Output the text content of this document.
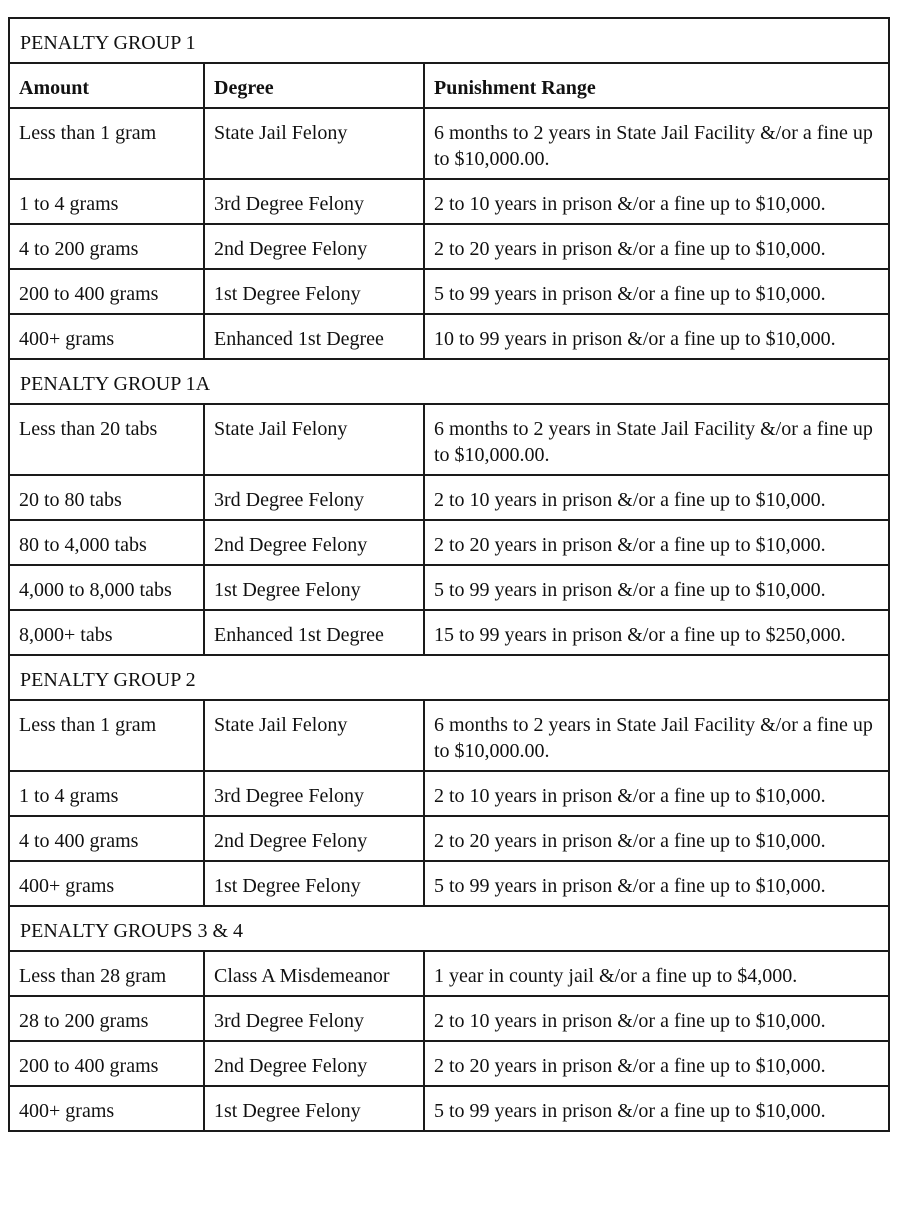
PENALTY GROUP 1		
Amount	Degree	Punishment Range
Less than 1 gram	State Jail Felony	6 months to 2 years in State Jail Facility &/or a fine up to $10,000.00.
1 to 4 grams	3rd Degree Felony	2 to 10 years in prison &/or a fine up to $10,000.
4 to 200 grams	2nd Degree Felony	2 to 20 years in prison &/or a fine up to $10,000.
200 to 400 grams	1st Degree Felony	5 to 99 years in prison &/or a fine up to $10,000.
400+ grams	Enhanced 1st Degree	10 to 99 years in prison &/or a fine up to $10,000.
PENALTY GROUP 1A		
Less than 20 tabs	State Jail Felony	6 months to 2 years in State Jail Facility &/or a fine up to $10,000.00.
20 to 80 tabs	3rd Degree Felony	2 to 10 years in prison &/or a fine up to $10,000.
80 to 4,000 tabs	2nd Degree Felony	2 to 20 years in prison &/or a fine up to $10,000.
4,000 to 8,000 tabs	1st Degree Felony	5 to 99 years in prison &/or a fine up to $10,000.
8,000+ tabs	Enhanced 1st Degree	15 to 99 years in prison &/or a fine up to $250,000.
PENALTY GROUP 2		
Less than 1 gram	State Jail Felony	6 months to 2 years in State Jail Facility &/or a fine up to $10,000.00.
1 to 4 grams	3rd Degree Felony	2 to 10 years in prison &/or a fine up to $10,000.
4 to 400 grams	2nd Degree Felony	2 to 20 years in prison &/or a fine up to $10,000.
400+ grams	1st Degree Felony	5 to 99 years in prison &/or a fine up to $10,000.
PENALTY GROUPS 3 & 4		
Less than 28 gram	Class A Misdemeanor	1 year in county jail &/or a fine up to $4,000.
28 to 200 grams	3rd Degree Felony	2 to 10 years in prison &/or a fine up to $10,000.
200 to 400 grams	2nd Degree Felony	2 to 20 years in prison &/or a fine up to $10,000.
400+ grams	1st Degree Felony	5 to 99 years in prison &/or a fine up to $10,000.
